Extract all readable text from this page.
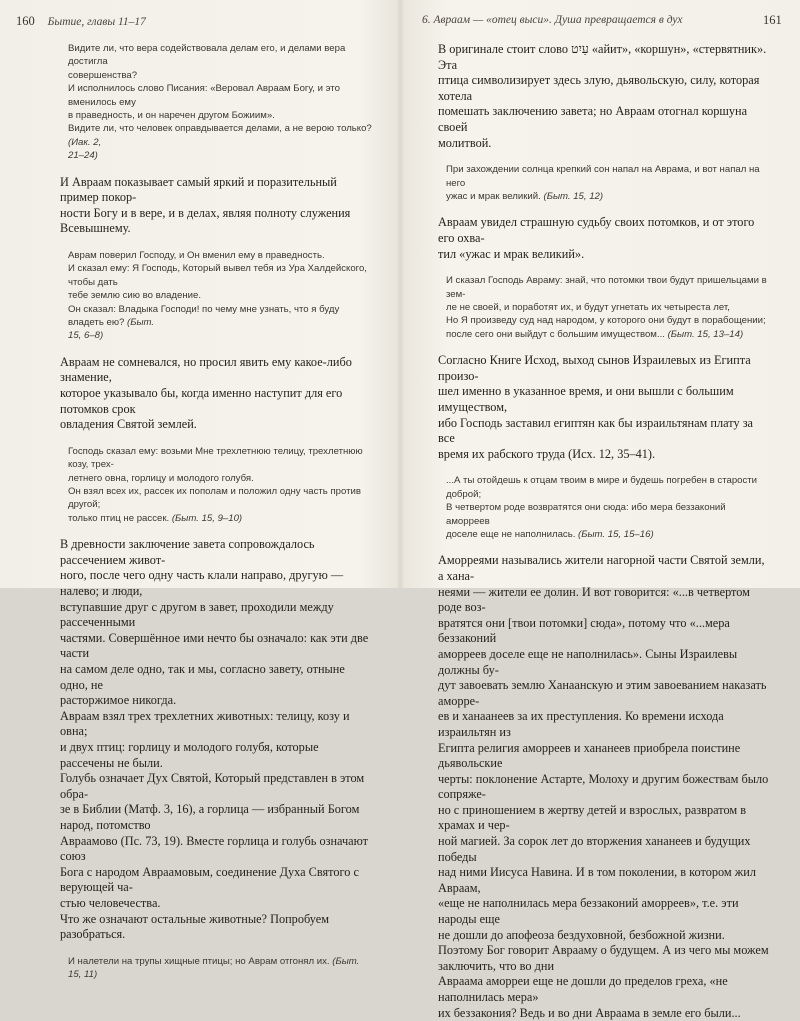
160 Бытие, главы 11–17

Видите ли, что вера содействовала делам его, и делами вера достигла
совершенства?
И исполнилось слово Писания: «Веровал Авраам Богу, и это вменилось ему
в праведность, и он наречен другом Божиим».
Видите ли, что человек оправдывается делами, а не верою только? (Иак. 2,
21–24)

И Авраам показывает самый яркий и поразительный пример покор-
ности Богу и в вере, и в делах, являя полноту служения Всевышнему.

Аврам поверил Господу, и Он вменил ему в праведность.
И сказал ему: Я Господь, Который вывел тебя из Ура Халдейского, чтобы дать
тебе землю сию во владение.
Он сказал: Владыка Господи! по чему мне узнать, что я буду владеть ею? (Быт.
15, 6–8)

Авраам не сомневался, но просил явить ему какое-либо знамение,
которое указывало бы, когда именно наступит для его потомков срок
овладения Святой землей.

Господь сказал ему: возьми Мне трехлетнюю телицу, трехлетнюю козу, трех-
летнего овна, горлицу и молодого голубя.
Он взял всех их, рассек их пополам и положил одну часть против другой;
только птиц не рассек. (Быт. 15, 9–10)

В древности заключение завета сопровождалось рассечением живот-
ного, после чего одну часть клали направо, другую — налево; и люди,
вступавшие друг с другом в завет, проходили между рассеченными
частями. Совершённое ими нечто бы означало: как эти две части
на самом деле одно, так и мы, согласно завету, отныне одно, не
расторжимое никогда.

Авраам взял трех трехлетних животных: телицу, козу и овна;
и двух птиц: горлицу и молодого голубя, которые рассечены не были.
Голубь означает Дух Святой, Который представлен в этом обра-
зе в Библии (Матф. 3, 16), а горлица — избранный Богом народ, потомство
Авраамово (Пс. 73, 19). Вместе горлица и голубь означают союз
Бога с народом Авраамовым, соединение Духа Святого с верующей ча-
стью человечества.

Что же означают остальные животные? Попробуем разобраться.

И налетели на трупы хищные птицы; но Аврам отгонял их. (Быт. 15, 11)

6. Авраам — «отец выси». Душа превращается в дух	161

В оригинале стоит слово עַיִט «айит», «коршун», «стервятник». Эта
птица символизирует здесь злую, дьявольскую, силу, которая хотела
помешать заключению завета; но Авраам отогнал коршуна своей
молитвой.

При захождении солнца крепкий сон напал на Аврама, и вот напал на него
ужас и мрак великий. (Быт. 15, 12)

Авраам увидел страшную судьбу своих потомков, и от этого его охва-
тил «ужас и мрак великий».

И сказал Господь Авраму: знай, что потомки твои будут пришельцами в зем-
ле не своей, и поработят их, и будут угнетать их четыреста лет,
Но Я произведу суд над народом, у которого они будут в порабощении;
после сего они выйдут с большим имуществом... (Быт. 15, 13–14)

Согласно Книге Исход, выход сынов Израилевых из Египта произо-
шел именно в указанное время, и они вышли с большим имуществом,
ибо Господь заставил египтян как бы израильтянам плату за все
время их рабского труда (Исх. 12, 35–41).

...А ты отойдешь к отцам твоим в мире и будешь погребен в старости доброй;
В четвертом роде возвратятся они сюда: ибо мера беззаконий аморреев
доселе еще не наполнилась. (Быт. 15, 15–16)

Аморреями назывались жители нагорной части Святой земли, а хана-
неями — жители ее долин. И вот говорится: «...в четвертом роде воз-
вратятся они [твои потомки] сюда», потому что «...мера беззаконий
аморреев доселе еще не наполнилась». Сыны Израилевы должны бу-
дут завоевать землю Ханаанскую и этим завоеванием наказать аморре-
ев и ханаанеев за их преступления. Ко времени исхода израильтян из
Египта религия аморреев и хананеев приобрела поистине дьявольские
черты: поклонение Астарте, Молоху и другим божествам было сопряже-
но с приношением в жертву детей и взрослых, развратом в храмах и чер-
ной магией. За сорок лет до вторжения хананеев и будущих победы
над ними Иисуса Навина. И в том поколении, в котором жил Авраам,
«еще не наполнилась мера беззаконий аморреев», т.е. эти народы еще
не дошли до апофеоза бездуховной, безбожной жизни.
Поэтому Бог говорит Аврааму о будущем. А из чего мы можем заключить, что во дни
Авраама аморреи еще не дошли до пределов греха, «не наполнилась мера»
их беззакония? Ведь и во дни Авраама в земле его были...
